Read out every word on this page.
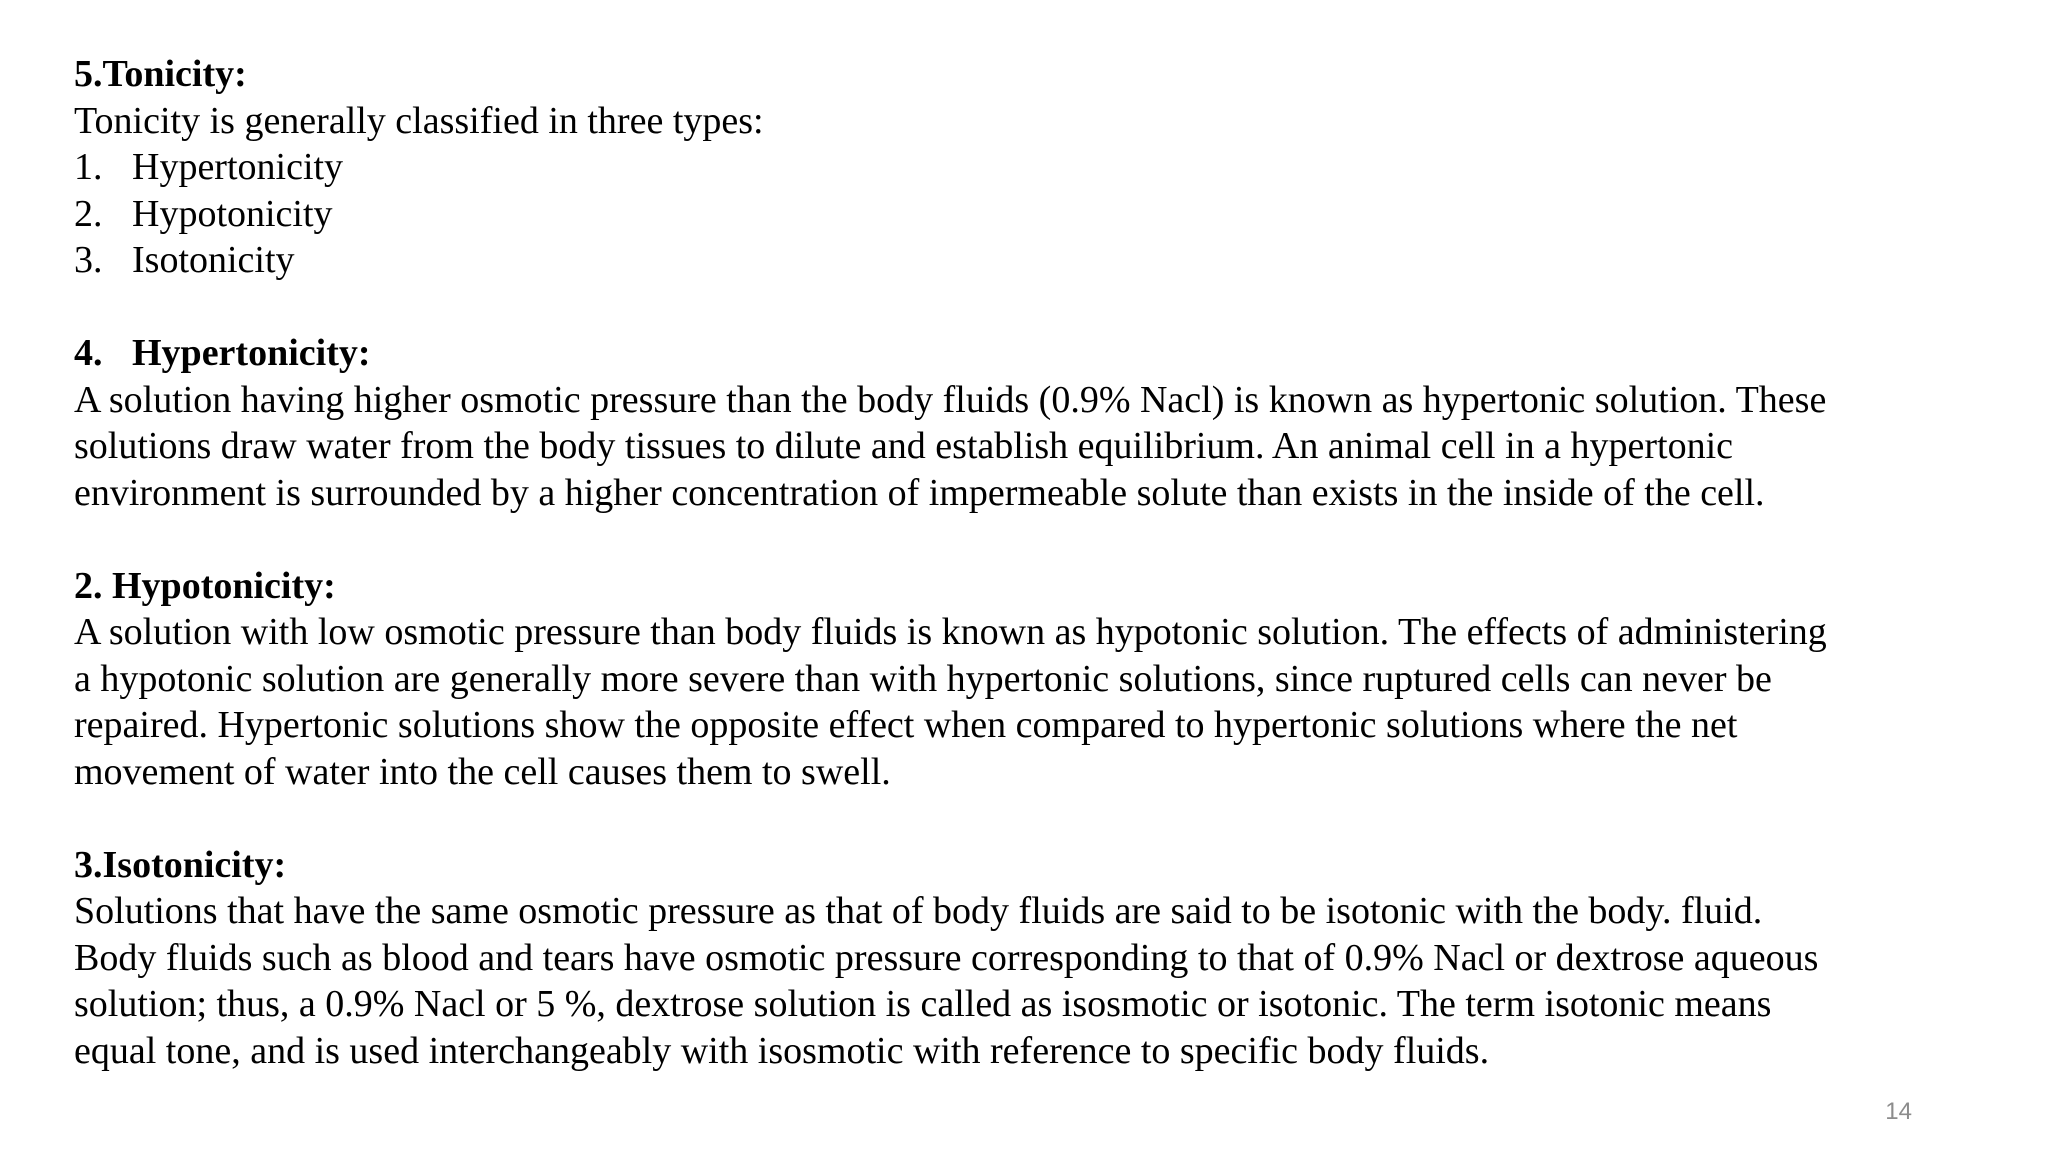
5.Tonicity:
Tonicity is generally classified in three types:
1. Hypertonicity
2. Hypotonicity
3. Isotonicity
4. Hypertonicity:
A solution having higher osmotic pressure than the body fluids (0.9% Nacl) is known as hypertonic solution. These
solutions draw water from the body tissues to dilute and establish equilibrium. An animal cell in a hypertonic
environment is surrounded by a higher concentration of impermeable solute than exists in the inside of the cell.
2. Hypotonicity:
A solution with low osmotic pressure than body fluids is known as hypotonic solution. The effects of administering
a hypotonic solution are generally more severe than with hypertonic solutions, since ruptured cells can never be
repaired. Hypertonic solutions show the opposite effect when compared to hypertonic solutions where the net
movement of water into the cell causes them to swell.
3.Isotonicity:
Solutions that have the same osmotic pressure as that of body fluids are said to be isotonic with the body. fluid.
Body fluids such as blood and tears have osmotic pressure corresponding to that of 0.9% Nacl or dextrose aqueous
solution; thus, a 0.9% Nacl or 5 %, dextrose solution is called as isosmotic or isotonic. The term isotonic means
equal tone, and is used interchangeably with isosmotic with reference to specific body fluids.
14
